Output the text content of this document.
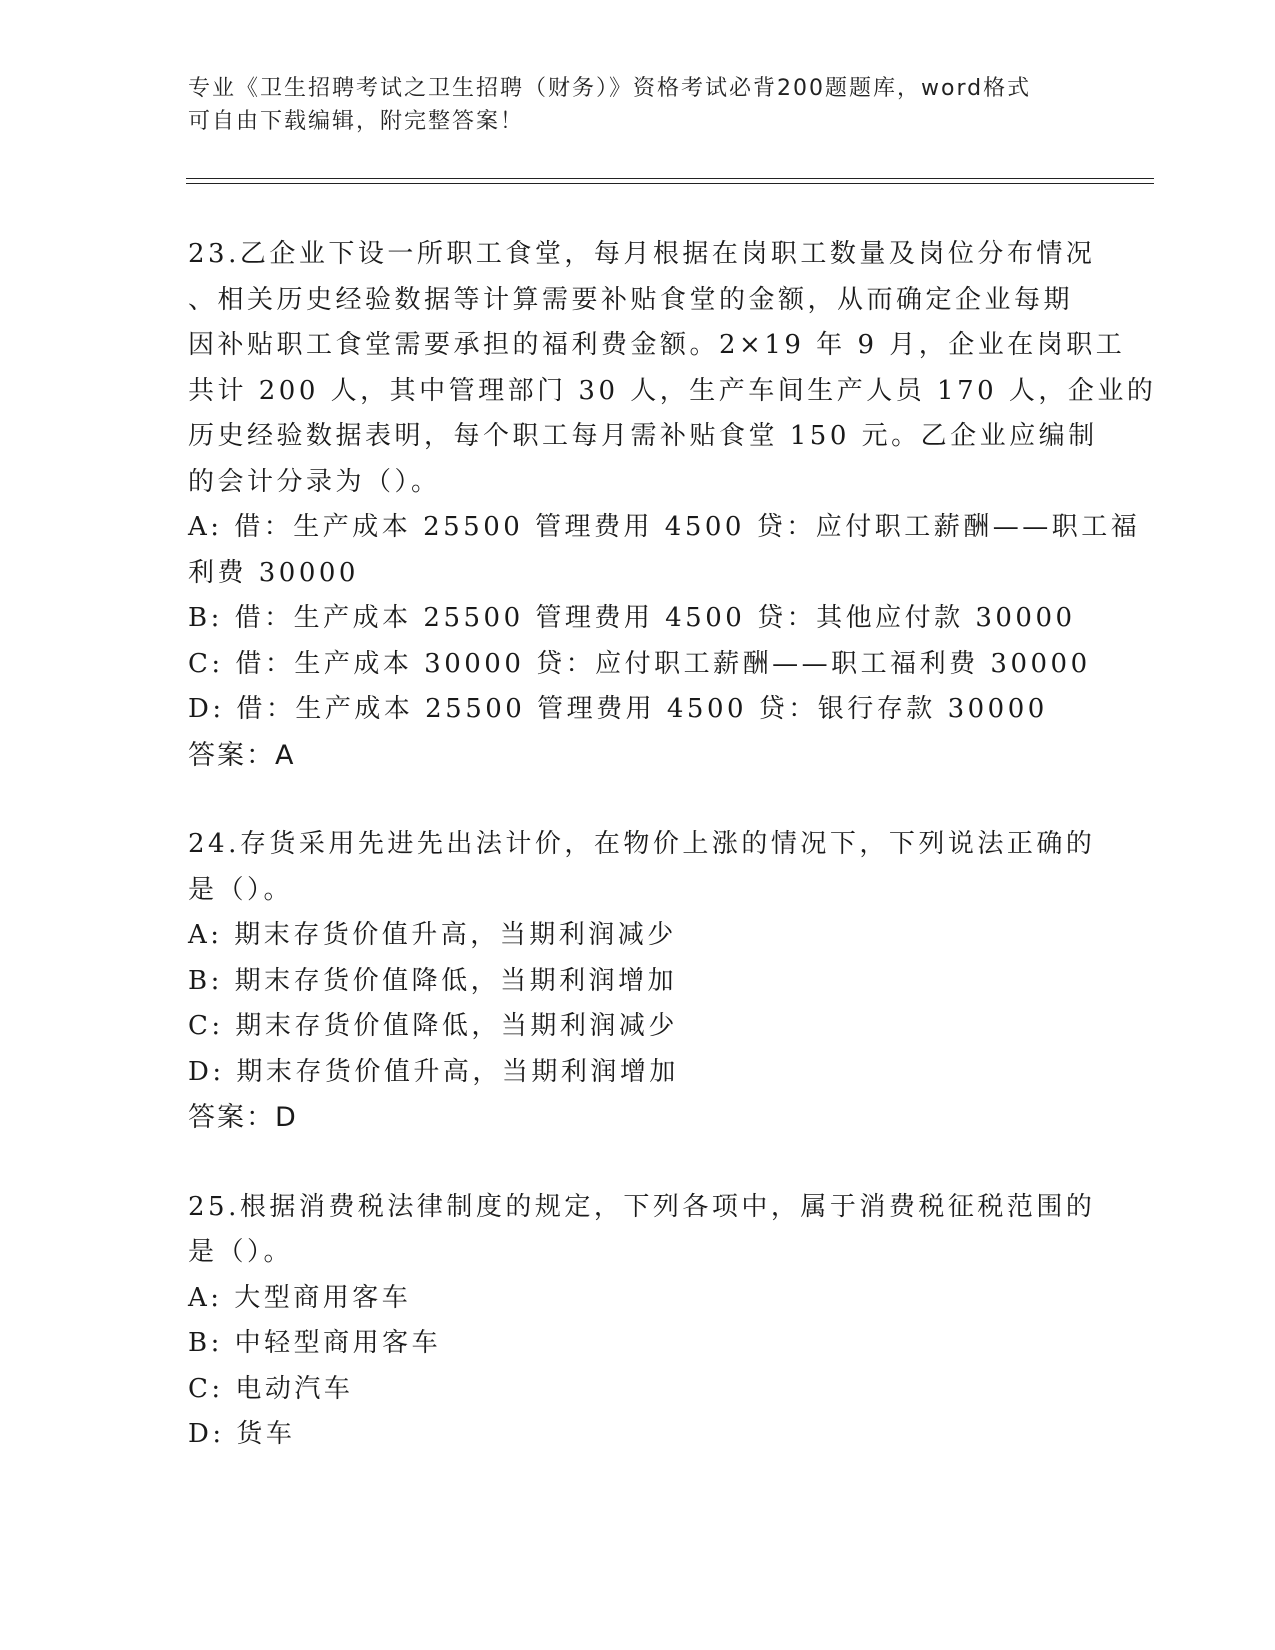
专业《卫生招聘考试之卫生招聘（财务）》资格考试必背200题题库，word格式

可自由下载编辑，附完整答案！

23.乙企业下设一所职工食堂，每月根据在岗职工数量及岗位分布情况

、相关历史经验数据等计算需要补贴食堂的金额，从而确定企业每期

因补贴职工食堂需要承担的福利费金额。2×19 年 9 月，企业在岗职工

共计 200 人，其中管理部门 30 人，生产车间生产人员 170 人，企业的

历史经验数据表明，每个职工每月需补贴食堂 150 元。乙企业应编制

的会计分录为（）。

A: 借：生产成本 25500 管理费用 4500 贷：应付职工薪酬——职工福

利费 30000

B: 借：生产成本 25500 管理费用 4500 贷：其他应付款 30000

C: 借：生产成本 30000 贷：应付职工薪酬——职工福利费 30000

D: 借：生产成本 25500 管理费用 4500 贷：银行存款 30000

答案：A

24.存货采用先进先出法计价，在物价上涨的情况下，下列说法正确的

是（）。

A: 期末存货价值升高，当期利润减少

B: 期末存货价值降低，当期利润增加

C: 期末存货价值降低，当期利润减少

D: 期末存货价值升高，当期利润增加

答案：D

25.根据消费税法律制度的规定，下列各项中，属于消费税征税范围的

是（）。

A: 大型商用客车

B: 中轻型商用客车

C: 电动汽车

D: 货车
